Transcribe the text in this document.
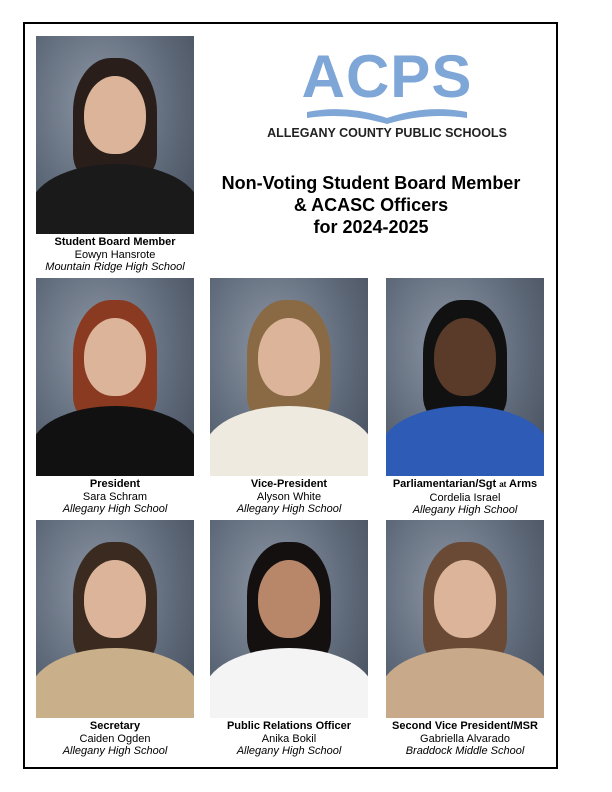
ACPS
ALLEGANY COUNTY PUBLIC SCHOOLS
Non-Voting Student Board Member
& ACASC Officers
for 2024-2025
Student Board Member
Eowyn Hansrote
Mountain Ridge High School
President
Sara Schram
Allegany High School
Vice-President
Alyson White
Allegany High School
Parliamentarian/Sgt at Arms
Cordelia Israel
Allegany High School
Secretary
Caiden Ogden
Allegany High School
Public Relations Officer
Anika Bokil
Allegany High School
Second Vice President/MSR
Gabriella Alvarado
Braddock Middle School
